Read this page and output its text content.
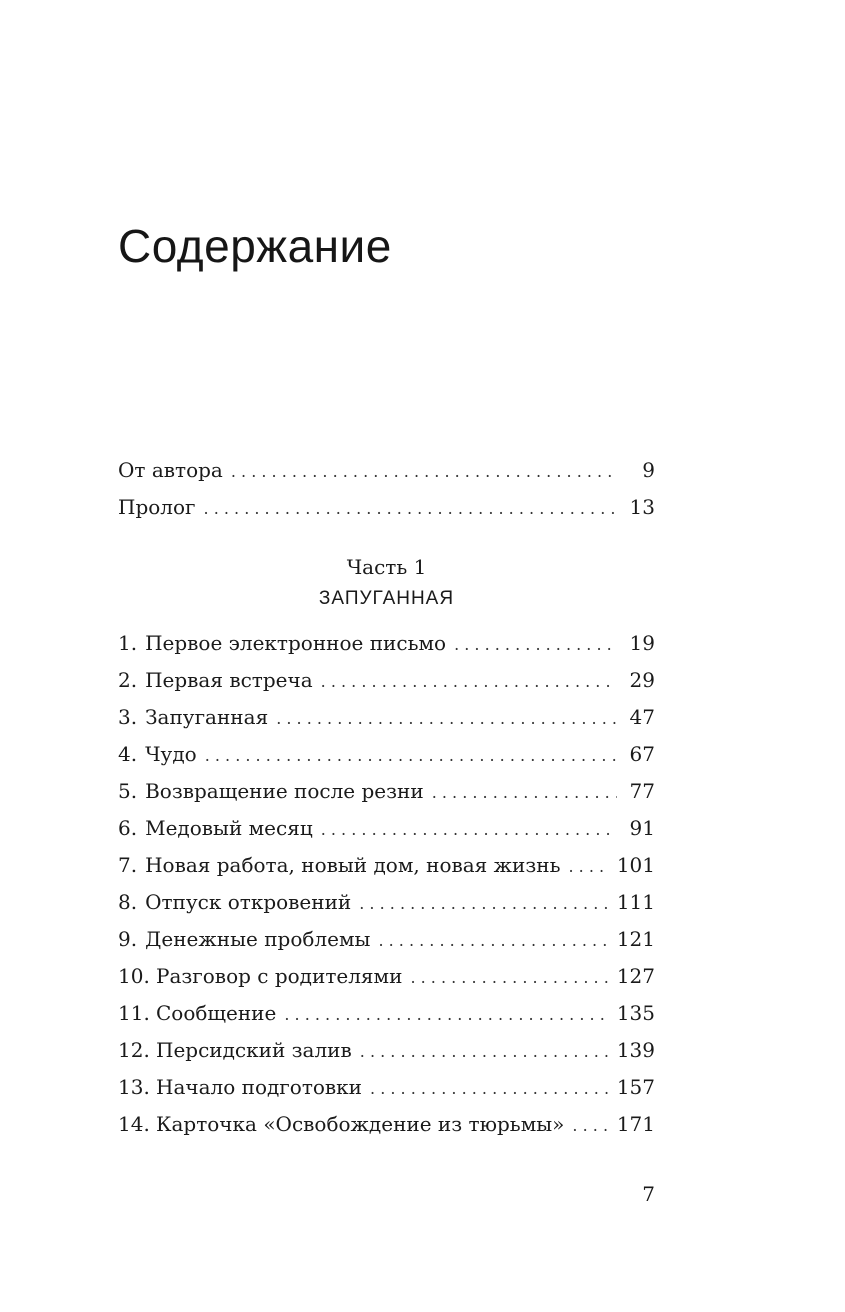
Содержание
От автора . . .	9
Пролог . . .	13
Часть 1
ЗАПУГАННАЯ
1. Первое электронное письмо . . .	19
2. Первая встреча . . .	29
3. Запуганная . . .	47
4. Чудо . . .	67
5. Возвращение после резни . . .	77
6. Медовый месяц . . .	91
7. Новая работа, новый дом, новая жизнь . . .	101
8. Отпуск откровений . . .	111
9. Денежные проблемы . . .	121
10. Разговор с родителями . . .	127
11. Сообщение . . .	135
12. Персидский залив . . .	139
13. Начало подготовки . . .	157
14. Карточка «Освобождение из тюрьмы» . . .	171
7
